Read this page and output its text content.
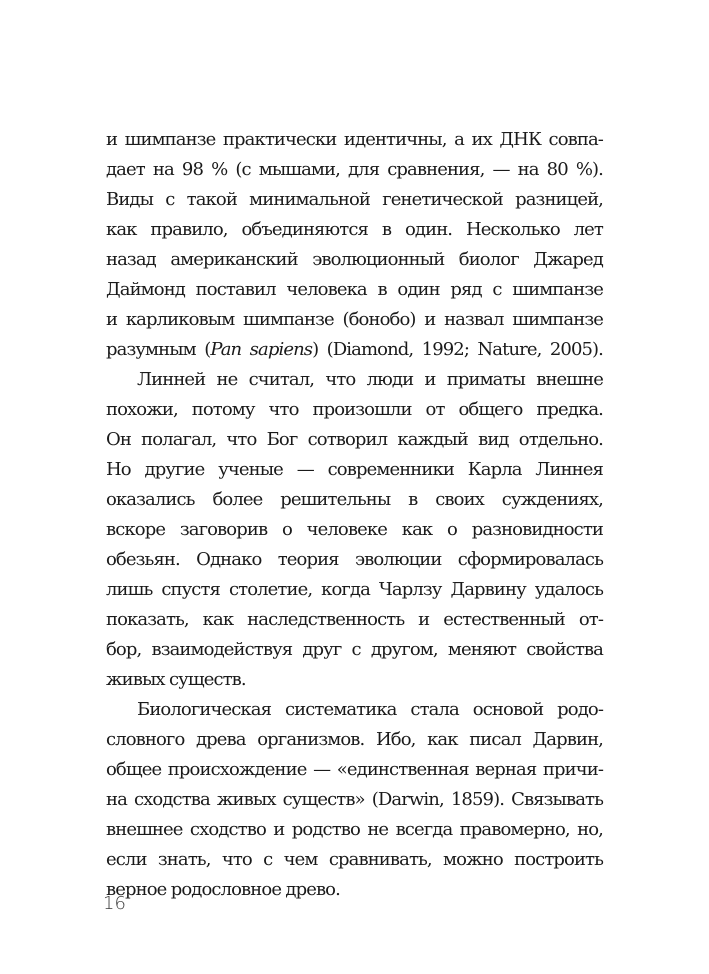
и шимпанзе практически идентичны, а их ДНК совпа-
дает на 98 % (с мышами, для сравнения, — на 80 %).
Виды с такой минимальной генетической разницей,
как правило, объединяются в один. Несколько лет
назад американский эволюционный биолог Джаред
Даймонд поставил человека в один ряд с шимпанзе
и карликовым шимпанзе (бонобо) и назвал шимпанзе
разумным (Pan sapiens) (Diamond, 1992; Nature, 2005).
Линней не считал, что люди и приматы внешне
похожи, потому что произошли от общего предка.
Он полагал, что Бог сотворил каждый вид отдельно.
Но другие ученые — современники Карла Линнея
оказались более решительны в своих суждениях,
вскоре заговорив о человеке как о разновидности
обезьян. Однако теория эволюции сформировалась
лишь спустя столетие, когда Чарлзу Дарвину удалось
показать, как наследственность и естественный от-
бор, взаимодействуя друг с другом, меняют свойства
живых существ.
Биологическая систематика стала основой родо-
словного древа организмов. Ибо, как писал Дарвин,
общее происхождение — «единственная верная причи-
на сходства живых существ» (Darwin, 1859). Связывать
внешнее сходство и родство не всегда правомерно, но,
если знать, что с чем сравнивать, можно построить
верное родословное древо.
16
